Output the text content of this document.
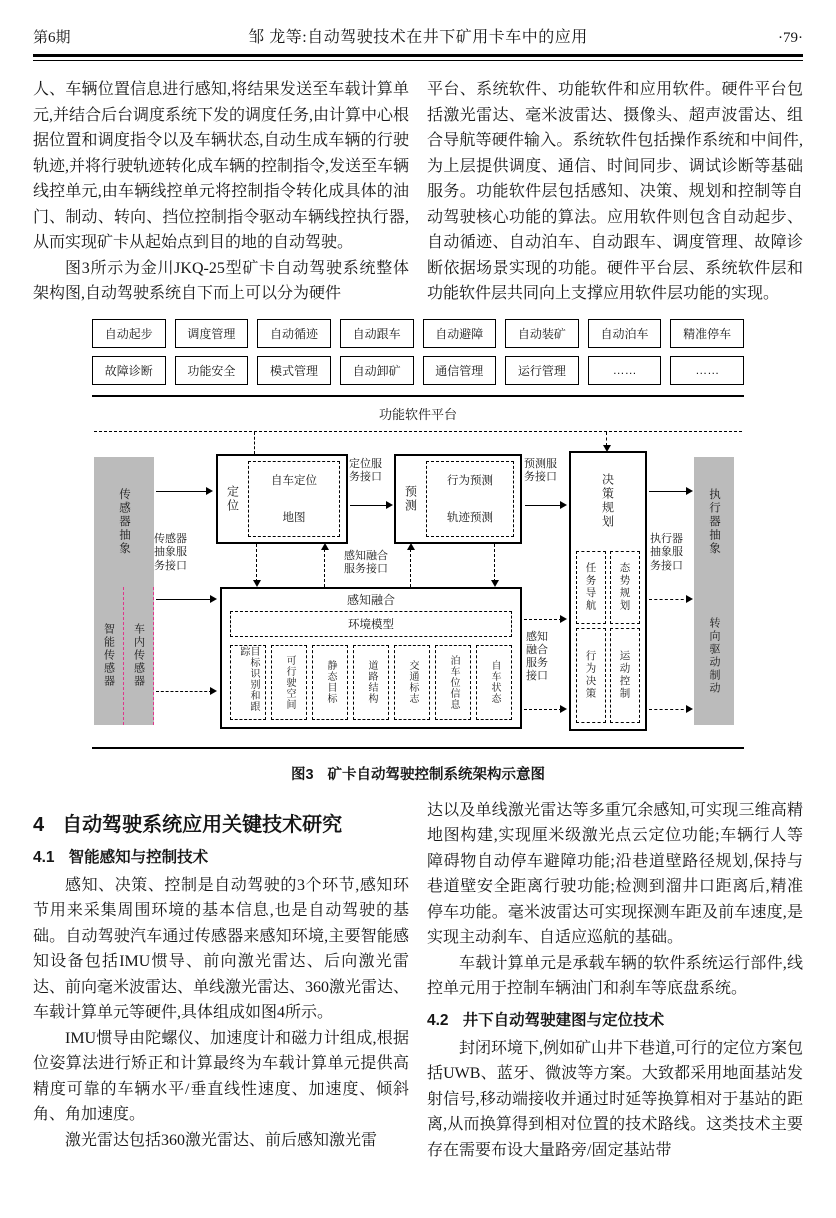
第6期	邹 龙等:自动驾驶技术在井下矿用卡车中的应用	·79·

人、车辆位置信息进行感知,将结果发送至车载计算单元,并结合后台调度系统下发的调度任务,由计算中心根据位置和调度指令以及车辆状态,自动生成车辆的行驶轨迹,并将行驶轨迹转化成车辆的控制指令,发送至车辆线控单元,由车辆线控单元将控制指令转化成具体的油门、制动、转向、挡位控制指令驱动车辆线控执行器,从而实现矿卡从起始点到目的地的自动驾驶。

图3所示为金川JKQ-25型矿卡自动驾驶系统整体架构图,自动驾驶系统自下而上可以分为硬件

平台、系统软件、功能软件和应用软件。硬件平台包括激光雷达、毫米波雷达、摄像头、超声波雷达、组合导航等硬件输入。系统软件包括操作系统和中间件,为上层提供调度、通信、时间同步、调试诊断等基础服务。功能软件层包括感知、决策、规划和控制等自动驾驶核心功能的算法。应用软件则包含自动起步、自动循迹、自动泊车、自动跟车、调度管理、故障诊断依据场景实现的功能。硬件平台层、系统软件层和功能软件层共同向上支撑应用软件层功能的实现。

自动起步	调度管理	自动循迹	自动跟车	自动避障	自动装矿	自动泊车	精准停车
故障诊断	功能安全	模式管理	自动卸矿	通信管理	运行管理	……	……
功能软件平台
传感器抽象
智能传感器 车内传感器
定位
自车定位
地图
预测
行为预测
轨迹预测	决策规划
任务导航 态势规划
行为决策 运动控制
执行器抽象
转向驱动制动
感知融合
环境模型
目标识别和跟踪
可行驶空间	静态目标	道路结构	交通标志	泊车位信息	自车状态
定位服务接口
预测服务接口
传感器抽象服务接口
执行器抽象服务接口
感知融合服务接口
感知融合服务接口
图3 矿卡自动驾驶控制系统架构示意图
4 自动驾驶系统应用关键技术研究
4.1 智能感知与控制技术

感知、决策、控制是自动驾驶的3个环节,感知环节用来采集周围环境的基本信息,也是自动驾驶的基础。自动驾驶汽车通过传感器来感知环境,主要智能感知设备包括IMU惯导、前向激光雷达、后向激光雷达、前向毫米波雷达、单线激光雷达、360激光雷达、车载计算单元等硬件,具体组成如图4所示。

IMU惯导由陀螺仪、加速度计和磁力计组成,根据位姿算法进行矫正和计算最终为车载计算单元提供高精度可靠的车辆水平/垂直线性速度、加速度、倾斜角、角加速度。

激光雷达包括360激光雷达、前后感知激光雷

达以及单线激光雷达等多重冗余感知,可实现三维高精地图构建,实现厘米级激光点云定位功能;车辆行人等障碍物自动停车避障功能;沿巷道壁路径规划,保持与巷道壁安全距离行驶功能;检测到溜井口距离后,精准停车功能。毫米波雷达可实现探测车距及前车速度,是实现主动刹车、自适应巡航的基础。

车载计算单元是承载车辆的软件系统运行部件,线控单元用于控制车辆油门和刹车等底盘系统。

4.2 井下自动驾驶建图与定位技术

封闭环境下,例如矿山井下巷道,可行的定位方案包括UWB、蓝牙、微波等方案。大致都采用地面基站发射信号,移动端接收并通过时延等换算相对于基站的距离,从而换算得到相对位置的技术路线。这类技术主要存在需要布设大量路旁/固定基站带
